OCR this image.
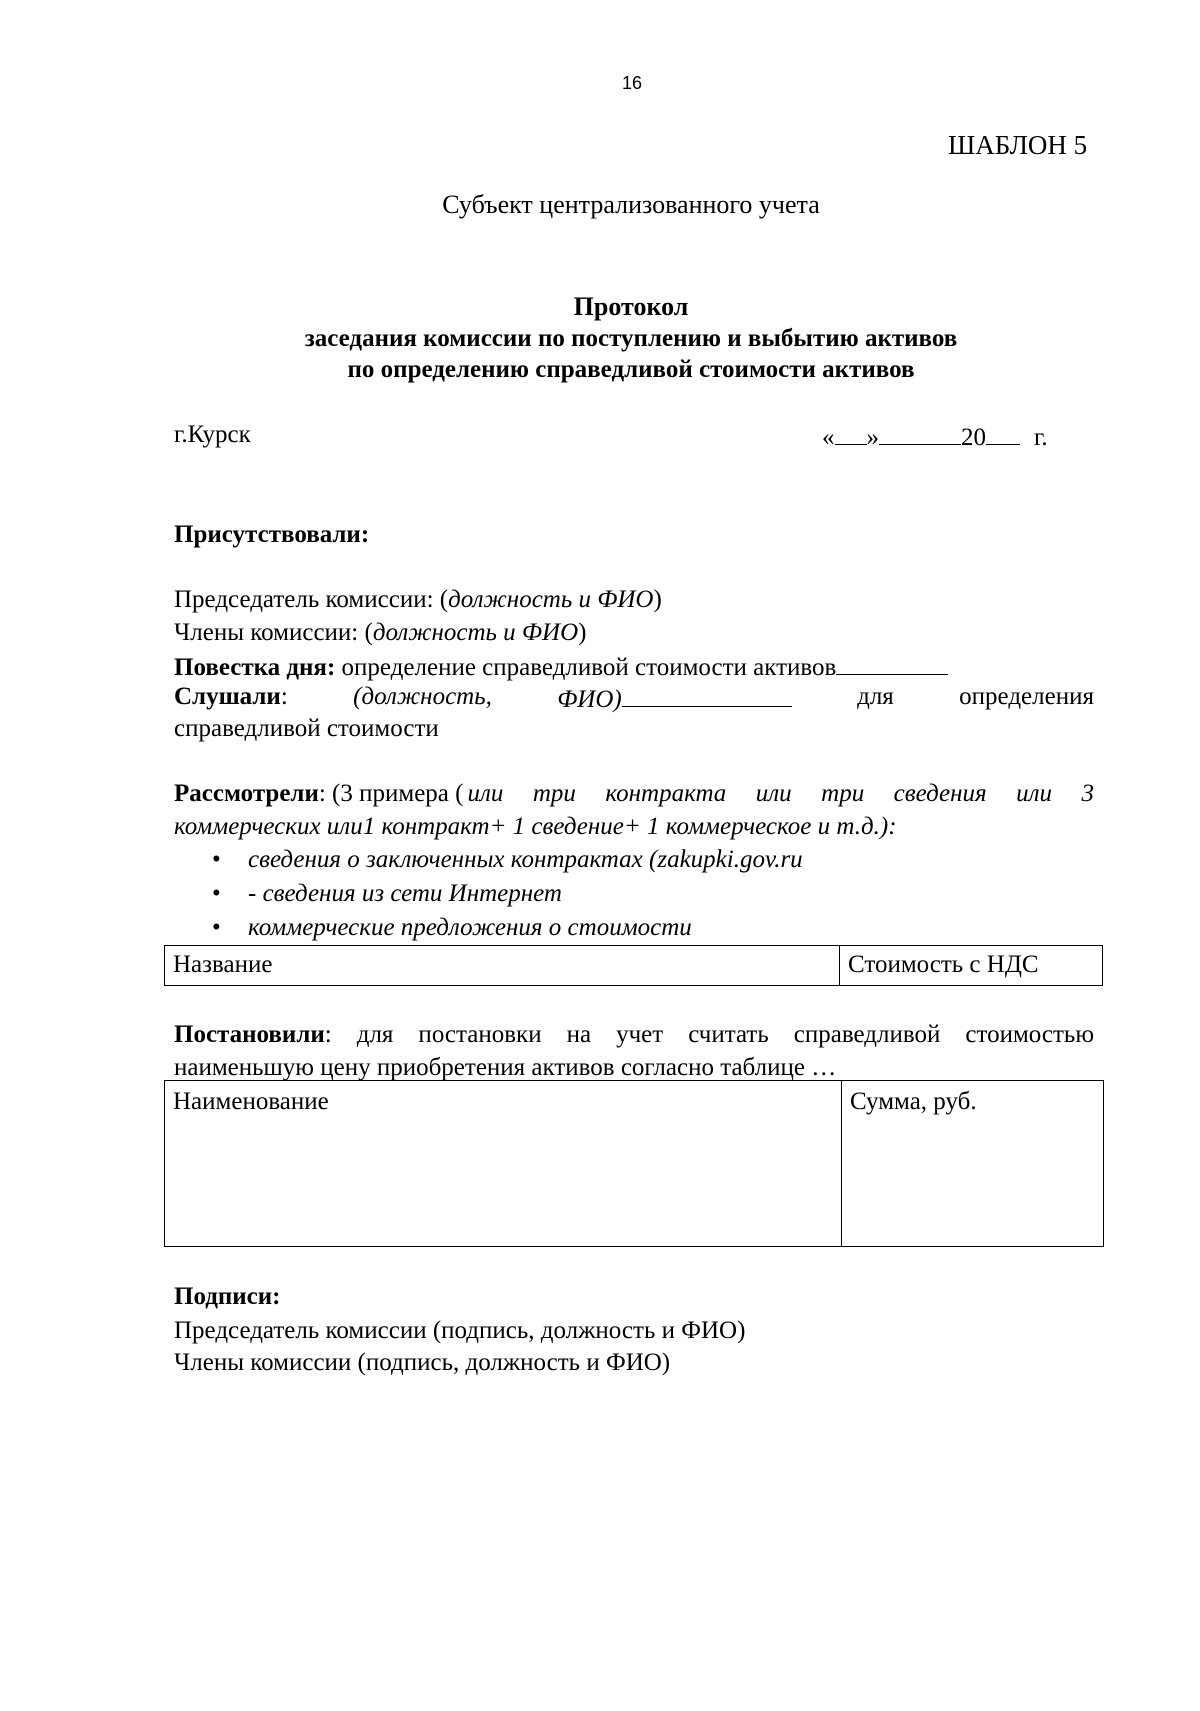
16
ШАБЛОН 5
Субъект централизованного учета
Протокол
заседания комиссии по поступлению и выбытию активов
по определению справедливой стоимости активов
г.Курск	« »	20 г.
Присутствовали:
Председатель комиссии: (должность и ФИО)
Члены комиссии: (должность и ФИО)
Повестка дня: определение справедливой стоимости активов
Слушали:	(должность,	ФИО)	для	определения
справедливой стоимости
Рассмотрели: (3 примера ( или три контракта или три сведения или 3
коммерческих или1 контракт+ 1 сведение+ 1 коммерческое и т.д.):
• сведения о заключенных контрактах (zakupki.gov.ru
• - сведения из сети Интернет
• коммерческие предложения о стоимости
Название	Стоимость с НДС
Постановили : для постановки на учет считать справедливой стоимостью
наименьшую цену приобретения активов согласно таблице …
Наименование	Сумма, руб.
Подписи:
Председатель комиссии (подпись, должность и ФИО)
Члены комиссии (подпись, должность и ФИО)
